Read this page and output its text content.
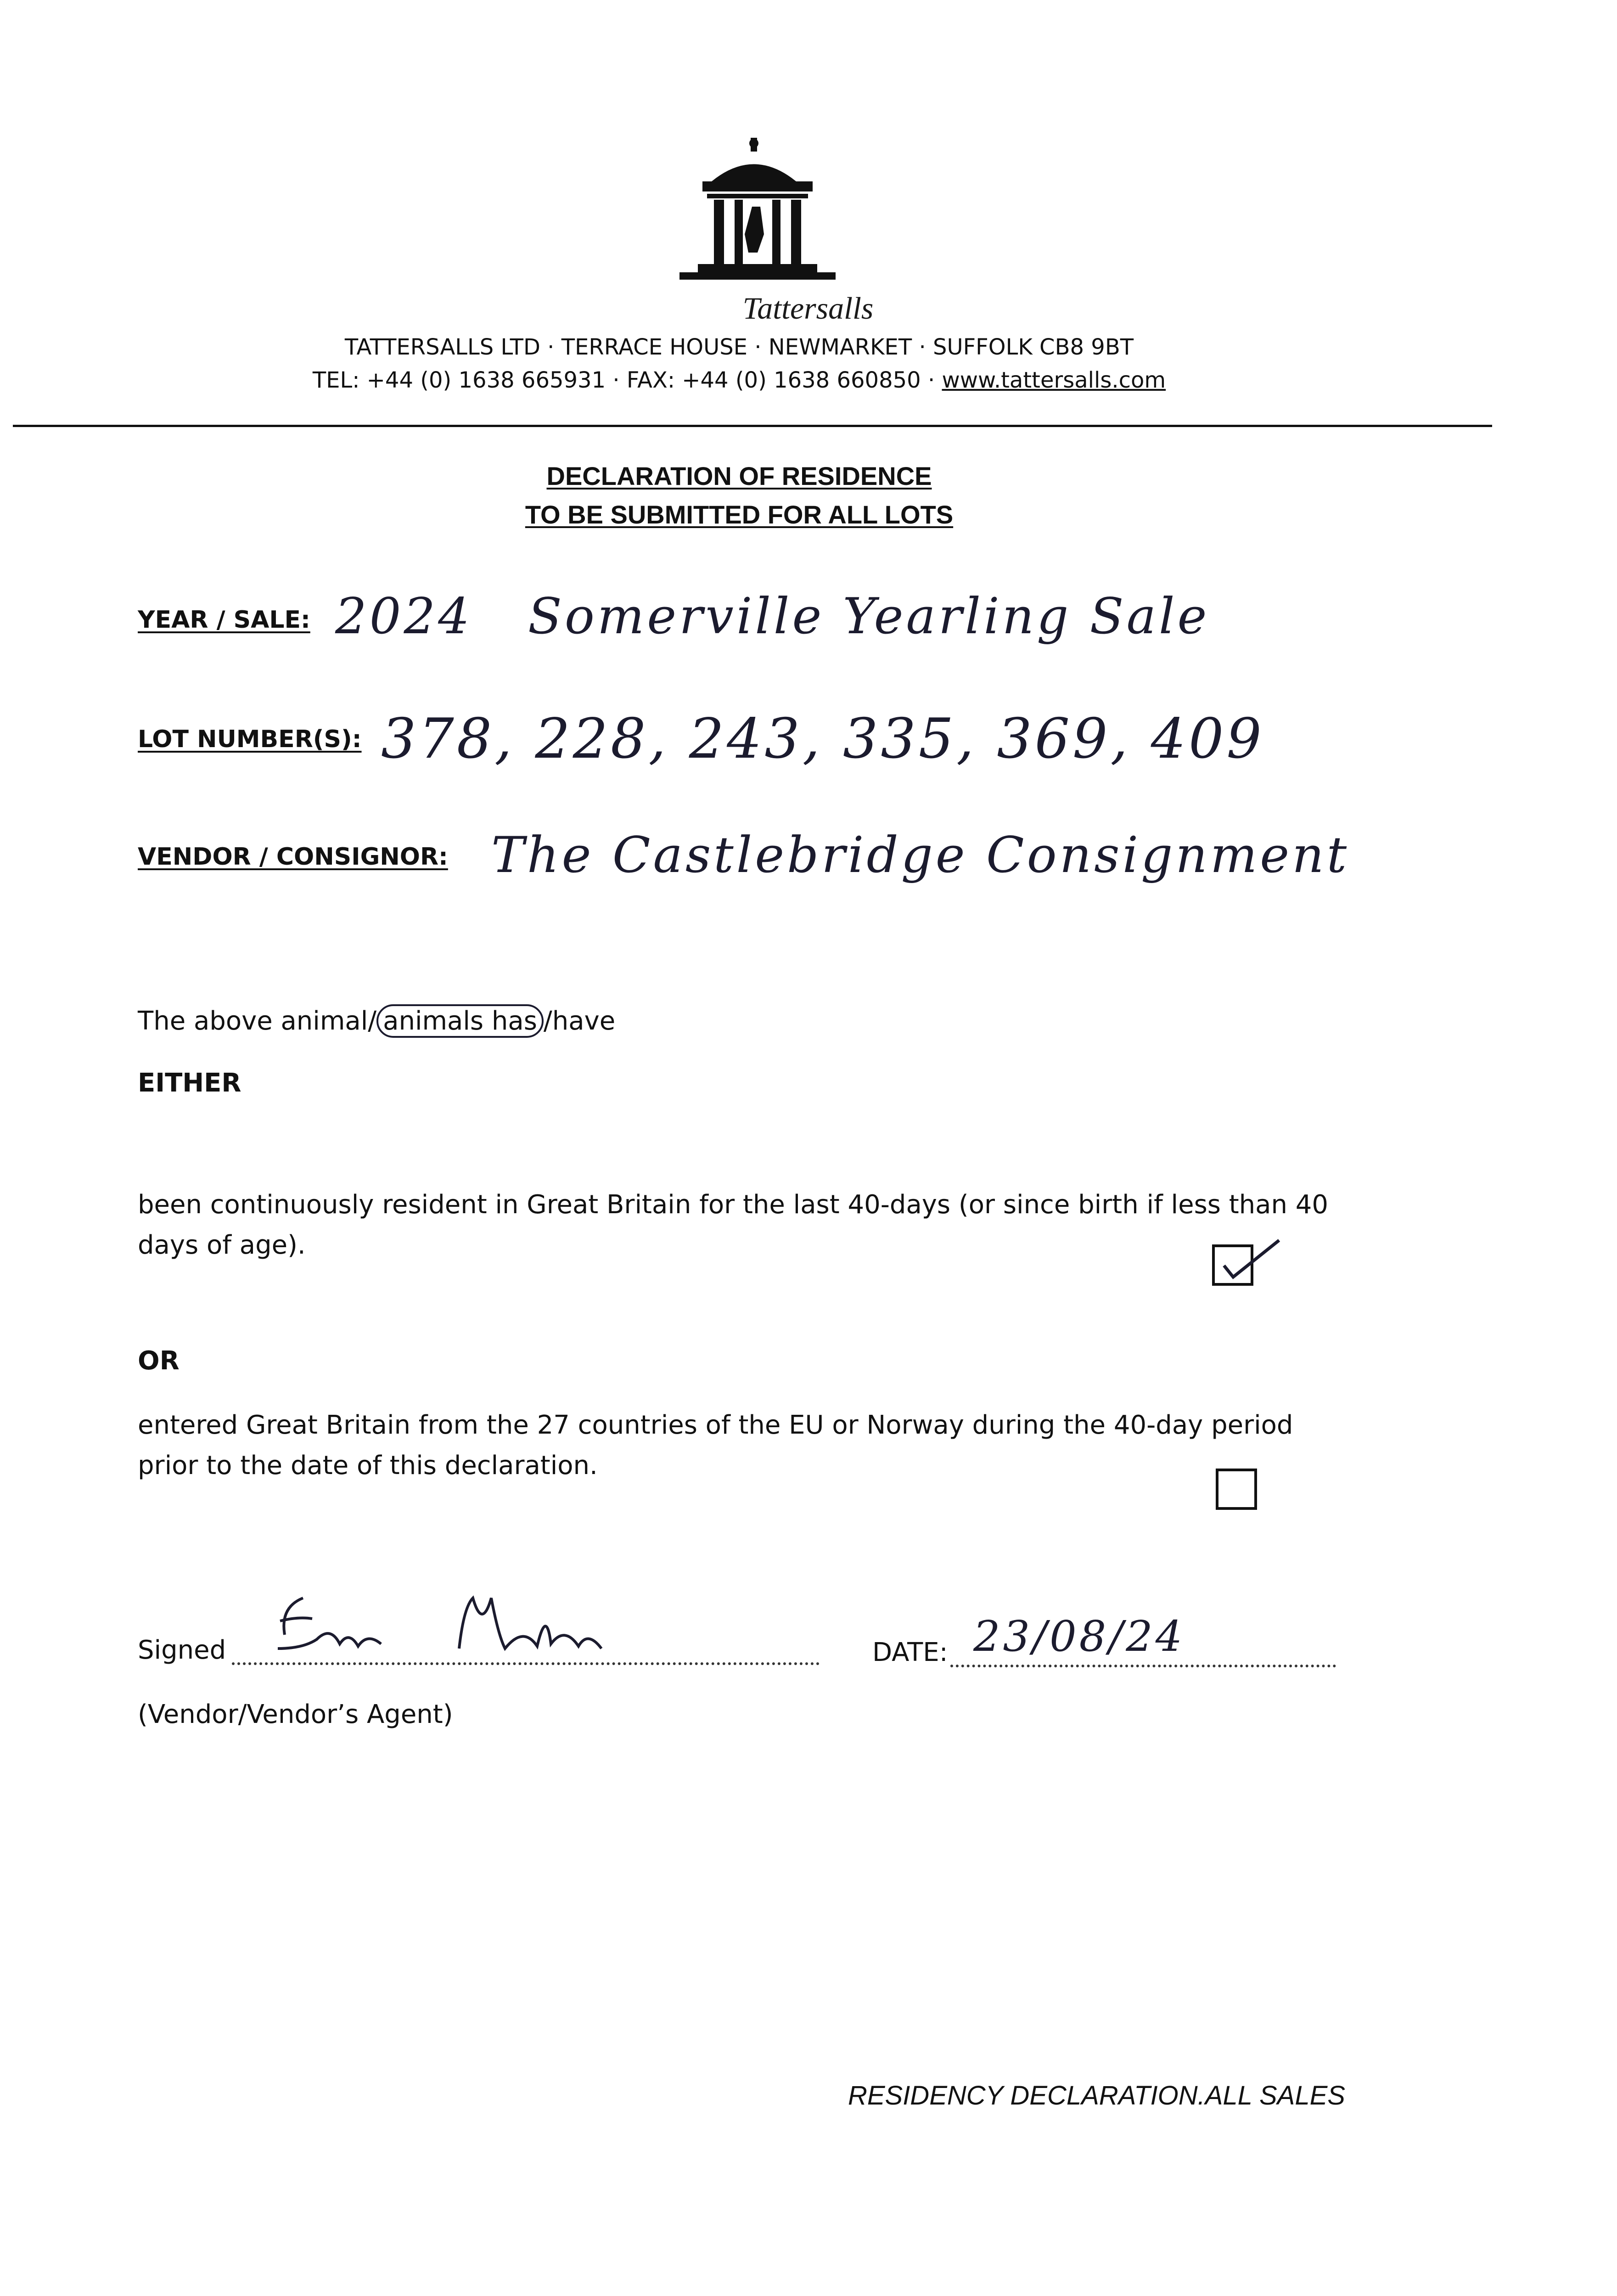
Tattersalls
TATTERSALLS LTD · TERRACE HOUSE · NEWMARKET · SUFFOLK CB8 9BT
TEL: +44 (0) 1638 665931 · FAX: +44 (0) 1638 660850 · www.tattersalls.com
DECLARATION OF RESIDENCE
TO BE SUBMITTED FOR ALL LOTS
YEAR / SALE: 2024   Somerville Yearling Sale
LOT NUMBER(S): 378, 228, 243, 335, 369, 409
VENDOR / CONSIGNOR: The Castlebridge Consignment
The above animal/ animals has /have
EITHER
been continuously resident in Great Britain for the last 40-days (or since birth if less than 40 days of age).
OR
entered Great Britain from the 27 countries of the EU or Norway during the 40-day period prior to the date of this declaration.
Signed	DATE: 23/08/24
(Vendor/Vendor’s Agent)
RESIDENCY DECLARATION.ALL SALES
